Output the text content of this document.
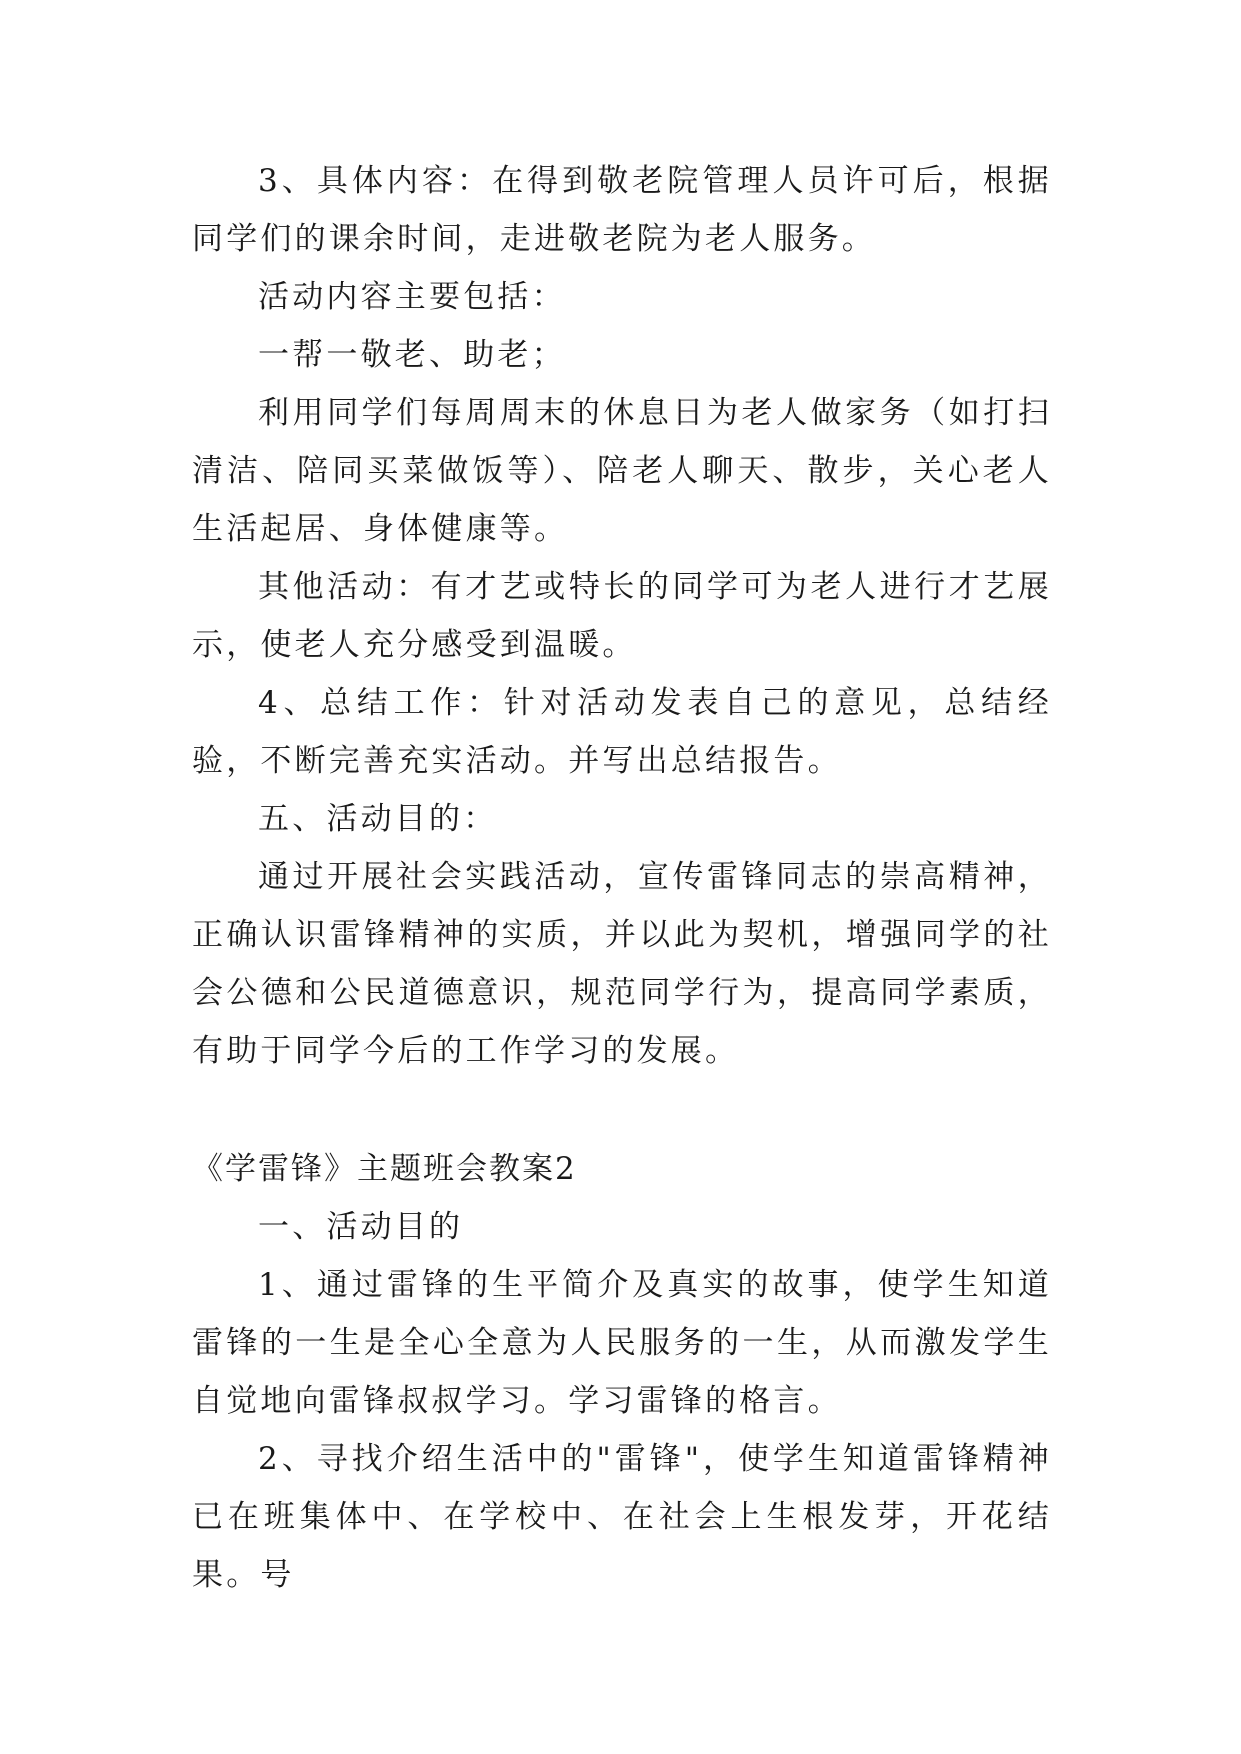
3、具体内容：在得到敬老院管理人员许可后，根据同学们的课余时间，走进敬老院为老人服务。

活动内容主要包括：

一帮一敬老、助老；

利用同学们每周周末的休息日为老人做家务（如打扫清洁、陪同买菜做饭等）、陪老人聊天、散步，关心老人生活起居、身体健康等。

其他活动：有才艺或特长的同学可为老人进行才艺展示，使老人充分感受到温暖。

4、总结工作：针对活动发表自己的意见，总结经验，不断完善充实活动。并写出总结报告。

五、活动目的：

通过开展社会实践活动，宣传雷锋同志的崇高精神，正确认识雷锋精神的实质，并以此为契机，增强同学的社会公德和公民道德意识，规范同学行为，提高同学素质，有助于同学今后的工作学习的发展。

《学雷锋》主题班会教案2

一、活动目的

1、通过雷锋的生平简介及真实的故事，使学生知道雷锋的一生是全心全意为人民服务的一生，从而激发学生自觉地向雷锋叔叔学习。学习雷锋的格言。

2、寻找介绍生活中的"雷锋"，使学生知道雷锋精神已在班集体中、在学校中、在社会上生根发芽，开花结果。号
